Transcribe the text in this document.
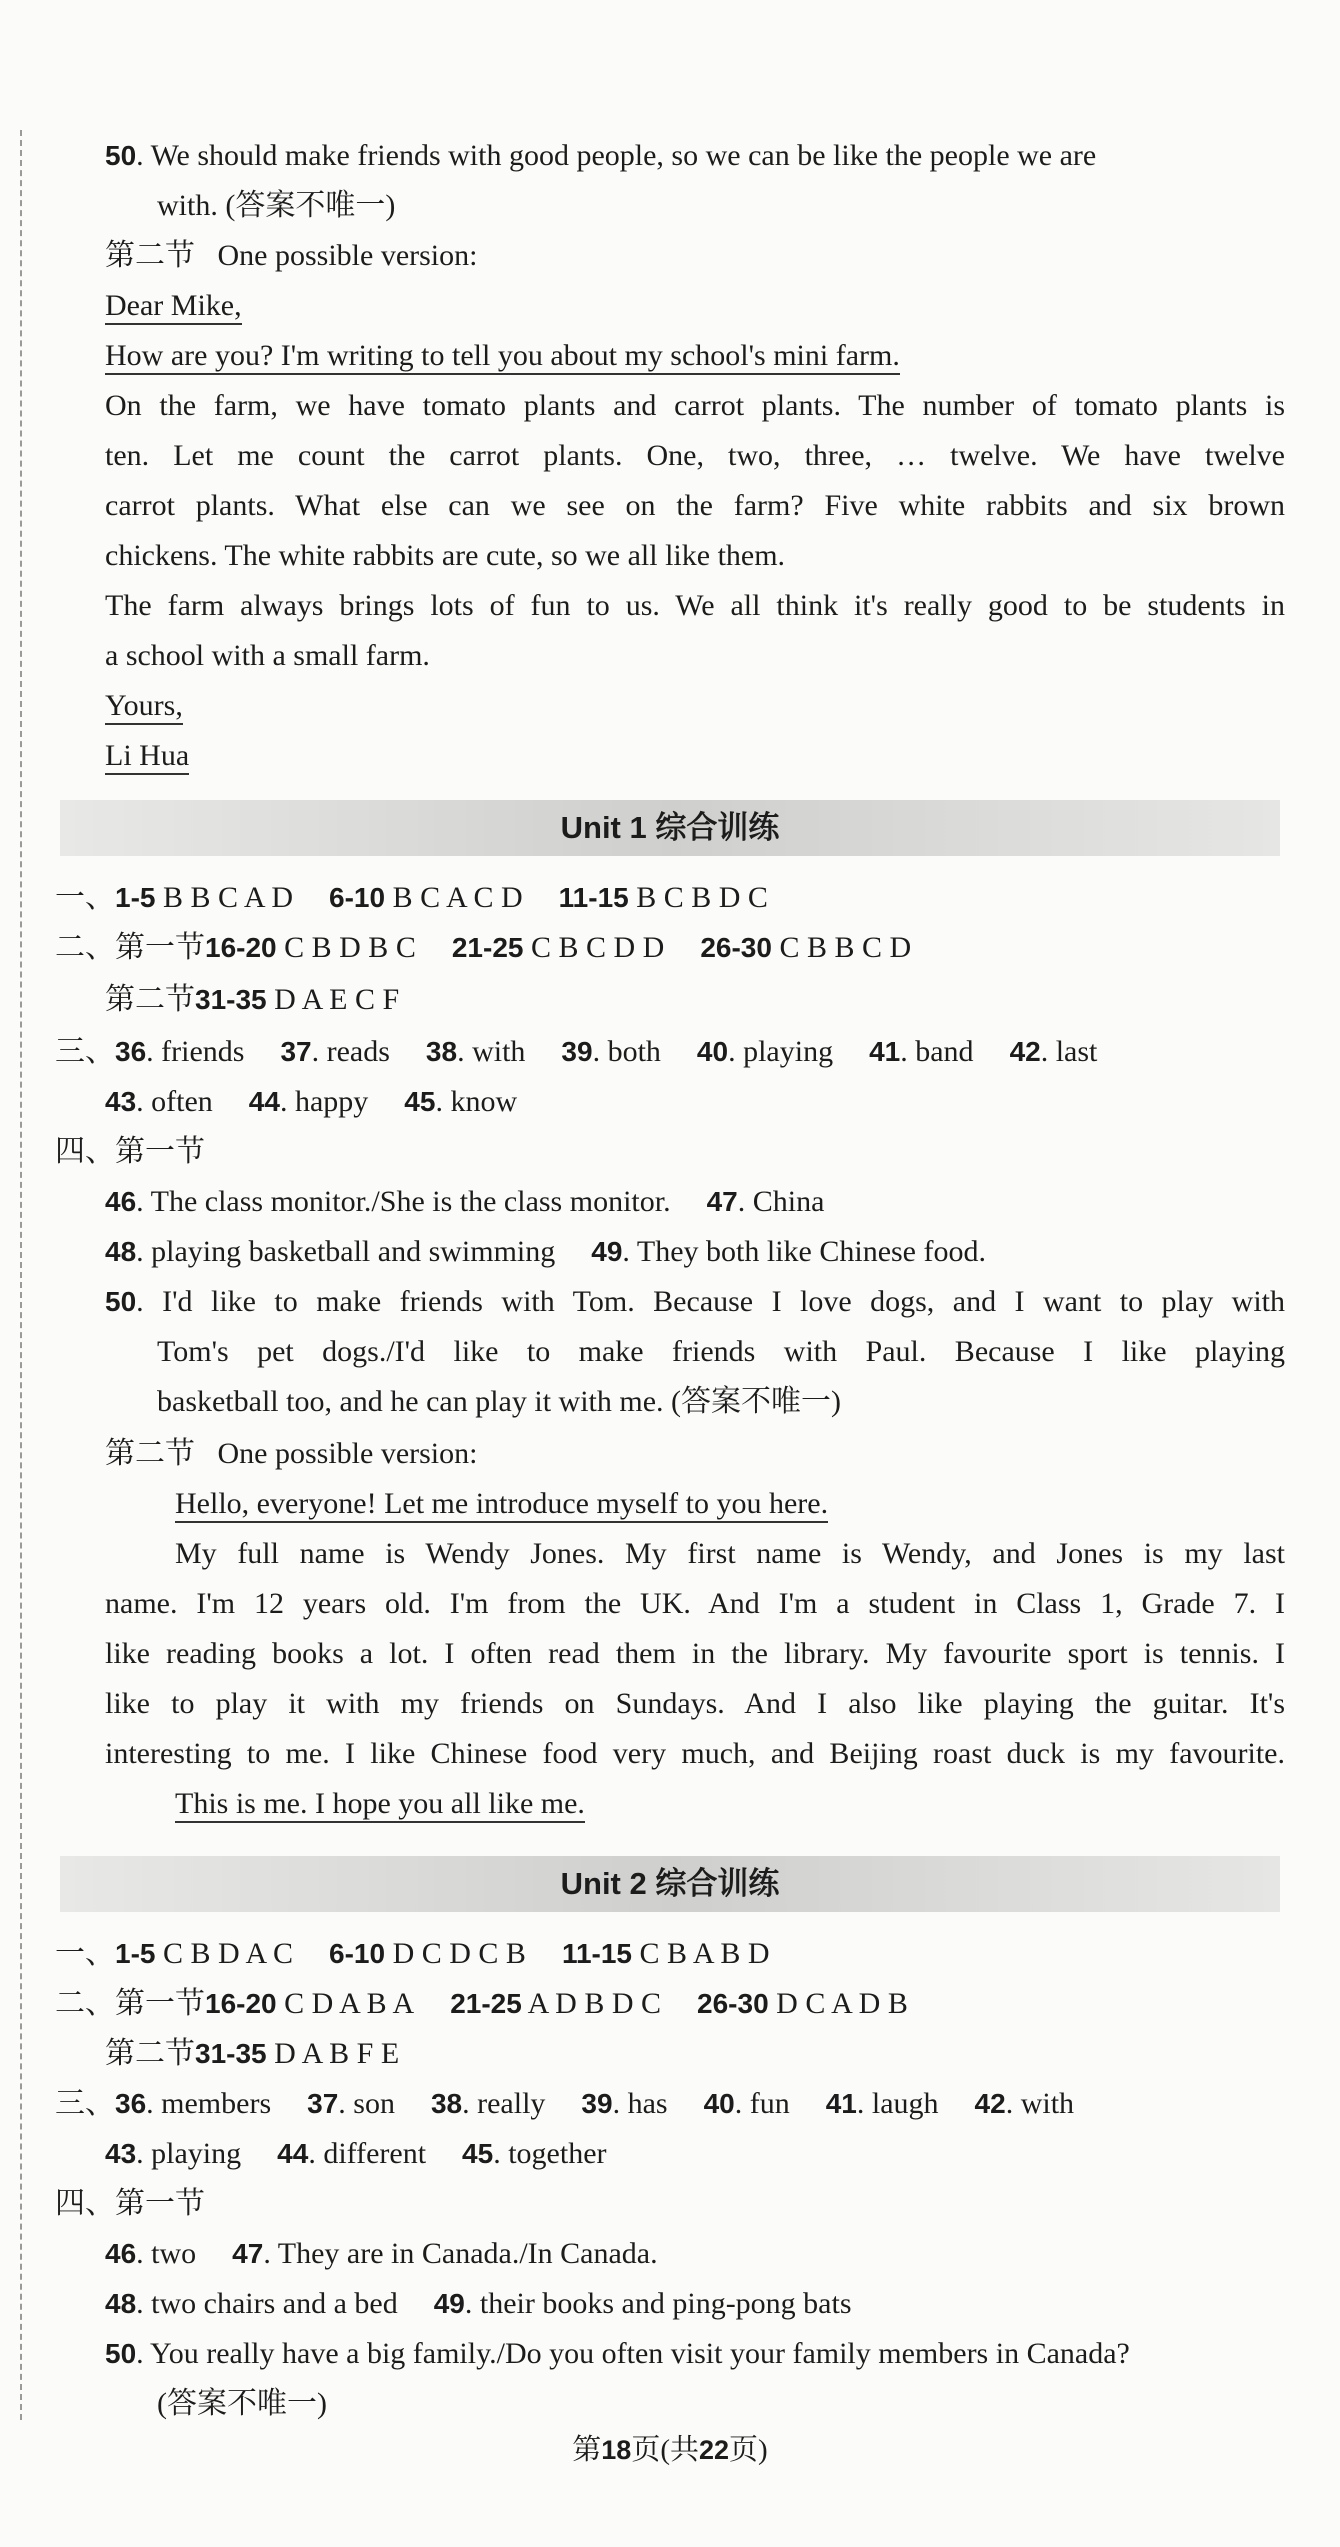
50. We should make friends with good people, so we can be like the people we are
with. (答案不唯一)
第二节 One possible version:
Dear Mike,
How are you? I'm writing to tell you about my school's mini farm.
On the farm, we have tomato plants and carrot plants. The number of tomato plants is
ten. Let me count the carrot plants. One, two, three, … twelve. We have twelve
carrot plants. What else can we see on the farm? Five white rabbits and six brown
chickens. The white rabbits are cute, so we all like them.
The farm always brings lots of fun to us. We all think it's really good to be students in
a school with a small farm.
Yours,
Li Hua
Unit 1 综合训练
一、1-5 B B C A D 6-10 B C A C D 11-15 B C B D C
二、第一节16-20 C B D B C 21-25 C B C D D 26-30 C B B C D
第二节31-35 D A E C F
三、36. friends 37. reads 38. with 39. both 40. playing 41. band 42. last
43. often 44. happy 45. know
四、第一节
46. The class monitor./She is the class monitor. 47. China
48. playing basketball and swimming 49. They both like Chinese food.
50. I'd like to make friends with Tom. Because I love dogs, and I want to play with
Tom's pet dogs./I'd like to make friends with Paul. Because I like playing
basketball too, and he can play it with me. (答案不唯一)
第二节 One possible version:
Hello, everyone! Let me introduce myself to you here.
My full name is Wendy Jones. My first name is Wendy, and Jones is my last
name. I'm 12 years old. I'm from the UK. And I'm a student in Class 1, Grade 7. I
like reading books a lot. I often read them in the library. My favourite sport is tennis. I
like to play it with my friends on Sundays. And I also like playing the guitar. It's
interesting to me. I like Chinese food very much, and Beijing roast duck is my favourite.
This is me. I hope you all like me.
Unit 2 综合训练
一、1-5 C B D A C 6-10 D C D C B 11-15 C B A B D
二、第一节16-20 C D A B A 21-25 A D B D C 26-30 D C A D B
第二节31-35 D A B F E
三、36. members 37. son 38. really 39. has 40. fun 41. laugh 42. with
43. playing 44. different 45. together
四、第一节
46. two 47. They are in Canada./In Canada.
48. two chairs and a bed 49. their books and ping-pong bats
50. You really have a big family./Do you often visit your family members in Canada?
(答案不唯一)
第18页(共22页)
